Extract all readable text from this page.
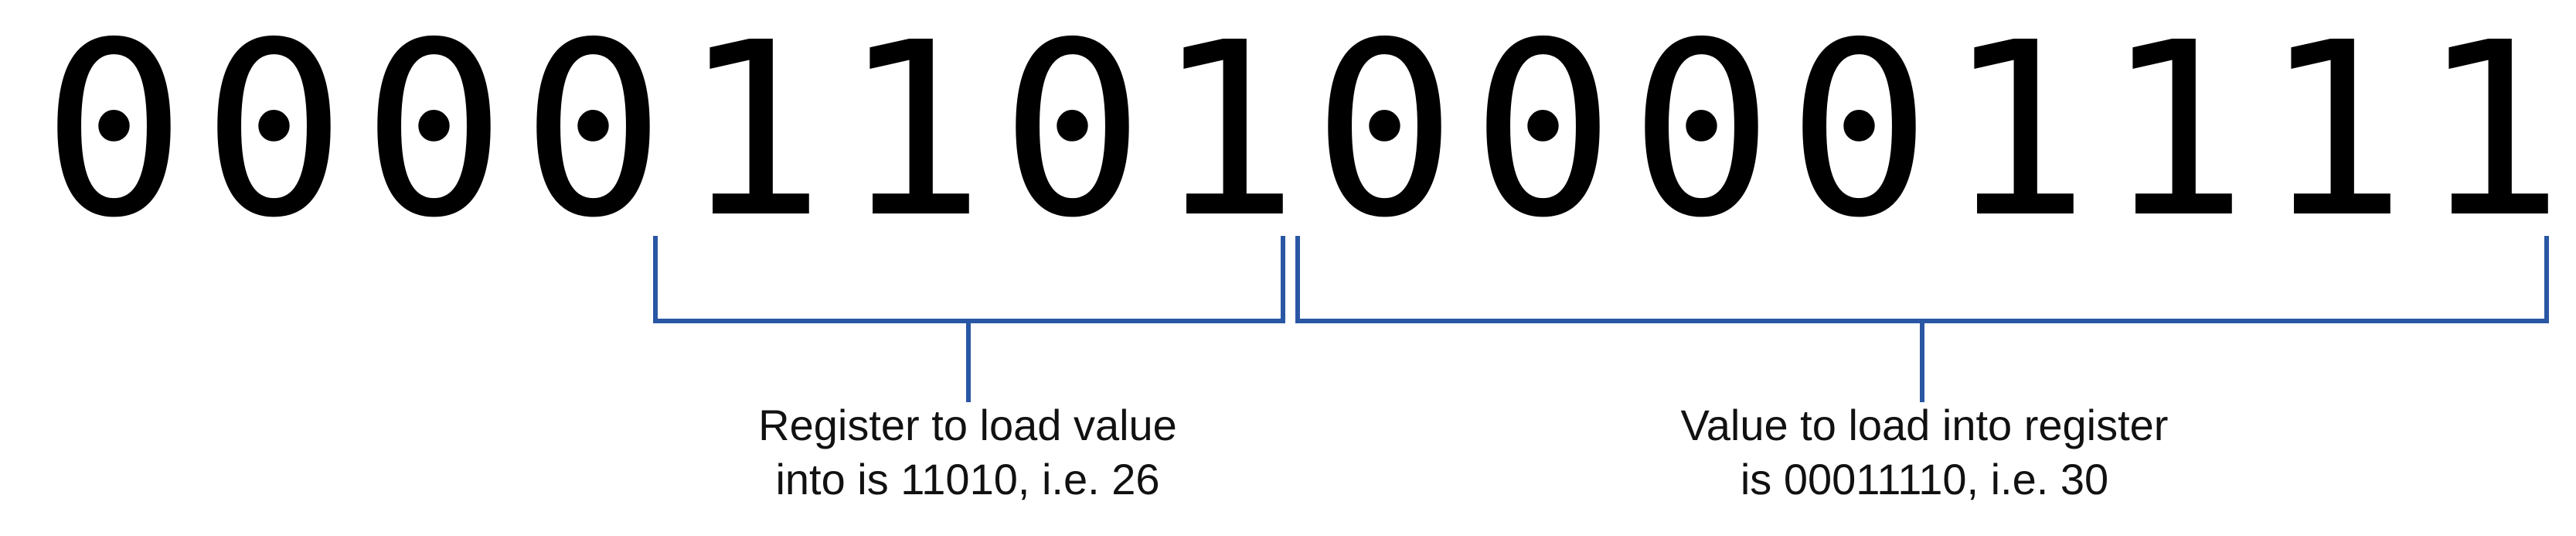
0 0 0 0 1 1 0 1 0 0 0 0 1 1 1 1
Register to load value
into is 11010, i.e. 26
Value to load into register
is 00011110, i.e. 30
